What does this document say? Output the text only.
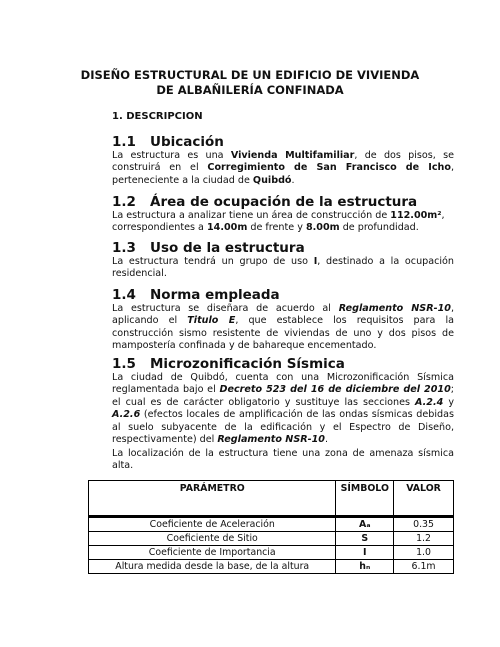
DISEÑO ESTRUCTURAL DE UN EDIFICIO DE VIVIENDA DE ALBAÑILERÍA CONFINADA
1. DESCRIPCION
1.1 Ubicación
La estructura es una Vivienda Multifamiliar, de dos pisos, se construirá en el Corregimiento de San Francisco de Icho, perteneciente a la ciudad de Quibdó.
1.2 Área de ocupación de la estructura
La estructura a analizar tiene un área de construcción de 112.00m², correspondientes a 14.00m de frente y 8.00m de profundidad.
1.3 Uso de la estructura
La estructura tendrá un grupo de uso I, destinado a la ocupación residencial.
1.4 Norma empleada
La estructura se diseñara de acuerdo al Reglamento NSR-10, aplicando el Titulo E, que establece los requisitos para la construcción sismo resistente de viviendas de uno y dos pisos de mampostería confinada y de bahareque encementado.
1.5 Microzonificación Sísmica
La ciudad de Quibdó, cuenta con una Microzonificación Sísmica reglamentada bajo el Decreto 523 del 16 de diciembre del 2010; el cual es de carácter obligatorio y sustituye las secciones A.2.4 y A.2.6 (efectos locales de amplificación de las ondas sísmicas debidas al suelo subyacente de la edificación y el Espectro de Diseño, respectivamente) del Reglamento NSR-10.
La localización de la estructura tiene una zona de amenaza sísmica alta.
PARÁMETRO	SÍMBOLO	VALOR
Coeficiente de Aceleración	Aₐ	0.35
Coeficiente de Sitio	S	1.2
Coeficiente de Importancia	I	1.0
Altura medida desde la base, de la altura	hₙ	6.1m
